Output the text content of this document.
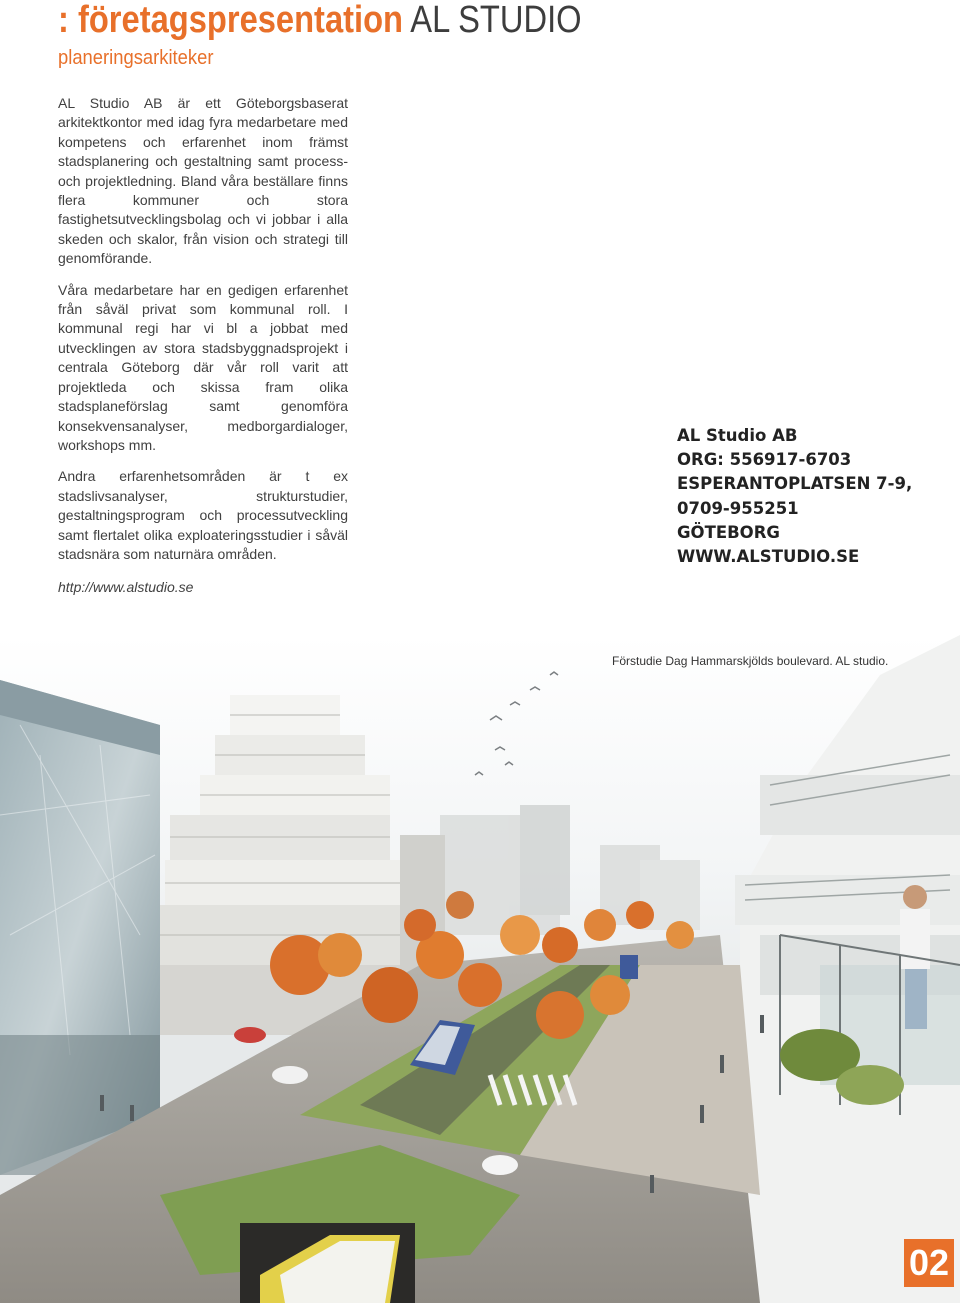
: företagspresentation AL STUDIO
planeringsarkiteker

AL Studio AB är ett Göteborgsbaserat arkitektkontor med idag fyra medarbetare med kompetens och erfarenhet inom främst stadsplanering och gestaltning samt process- och projektledning. Bland våra beställare finns flera kommuner och stora fastighetsutvecklingsbolag och vi jobbar i alla skeden och skalor, från vision och strategi till genomförande.

Våra medarbetare har en gedigen erfarenhet från såväl privat som kommunal roll. I kommunal regi har vi bl a jobbat med utvecklingen av stora stadsbyggnadsprojekt i centrala Göteborg där vår roll varit att projektleda och skissa fram olika stadsplaneförslag samt genomföra konsekvensanalyser, medborgardialoger, workshops mm.

Andra erfarenhetsområden är t ex stadslivsanalyser, strukturstudier, gestaltningsprogram och processutveckling samt flertalet olika exploateringsstudier i såväl stadsnära som naturnära områden.

http://www.alstudio.se

AL Studio AB
ORG: 556917-6703
ESPERANTOPLATSEN 7-9,
0709-955251
GÖTEBORG
WWW.ALSTUDIO.SE
Förstudie Dag Hammarskjölds boulevard. AL studio.
02
